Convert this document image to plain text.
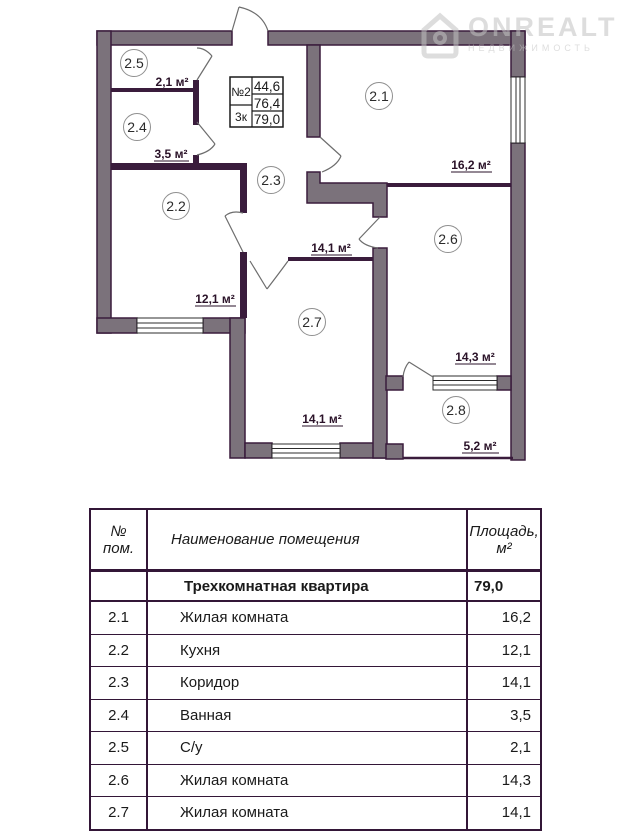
2.5
2.4
2.2
2.3
2.1
2.6
2.7
2.8
2,1 м²
3,5 м²
12,1 м²
14,1 м²
16,2 м²
14,3 м²
14,1 м²
5,2 м²
№2
3к
44,6
76,4
79,0
ONREALT
НЕДВИЖИМОСТЬ
№
пом.	Наименование помещения	Площадь,
м²

	Трехкомнатная квартира	79,0
2.1	Жилая комната	16,2
2.2	Кухня	12,1
2.3	Коридор	14,1
2.4	Ванная	3,5
2.5	С/у	2,1
2.6	Жилая комната	14,3
2.7	Жилая комната	14,1
